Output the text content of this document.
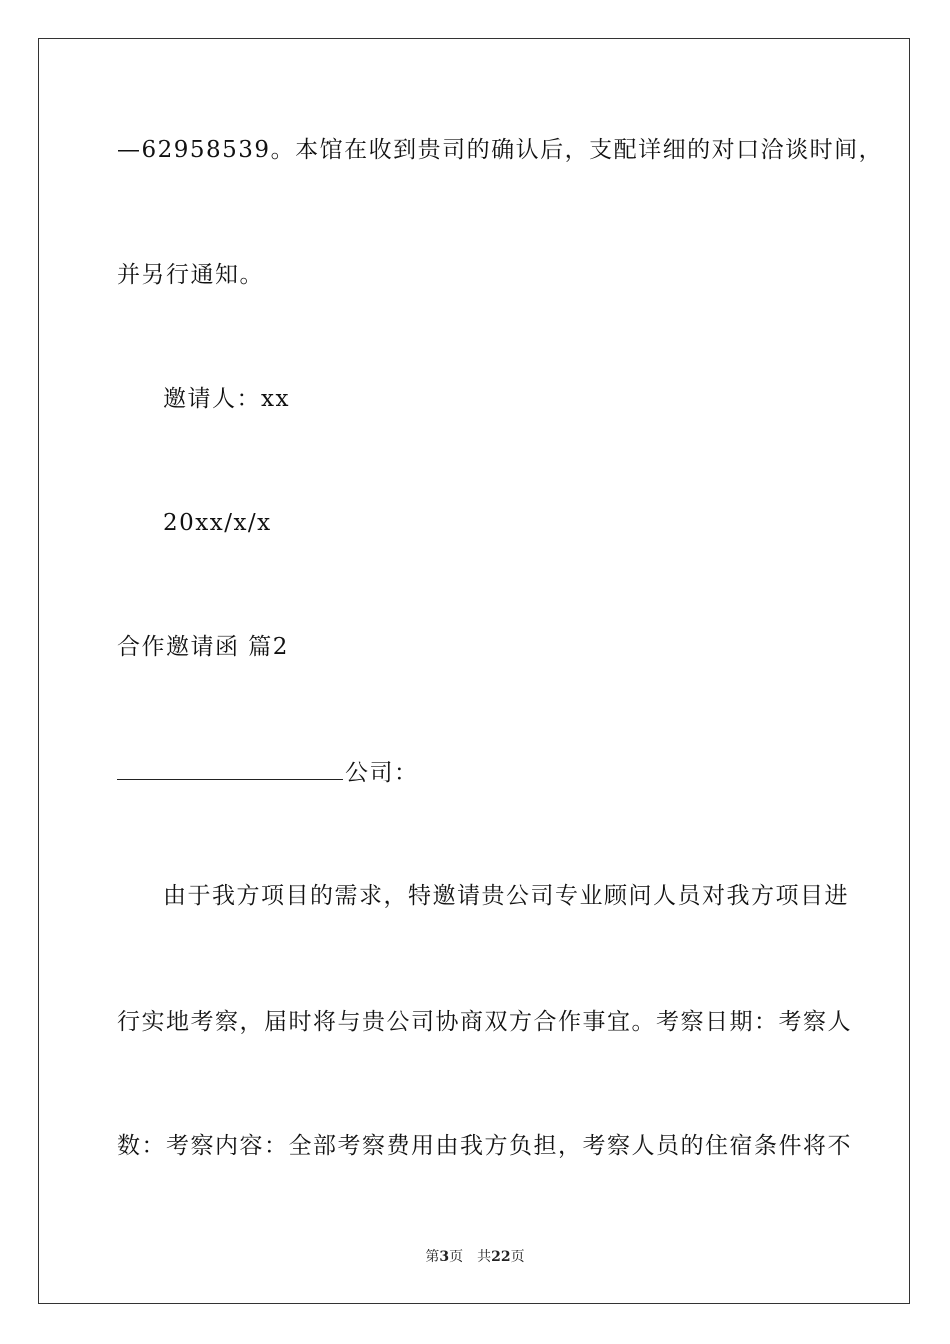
—62958539。本馆在收到贵司的确认后，支配详细的对口洽谈时间，
并另行通知。
邀请人：xx
20xx/x/x
合作邀请函 篇2
公司：
由于我方项目的需求，特邀请贵公司专业顾问人员对我方项目进
行实地考察，届时将与贵公司协商双方合作事宜。考察日期：考察人
数：考察内容：全部考察费用由我方负担，考察人员的住宿条件将不
第3页　共22页
